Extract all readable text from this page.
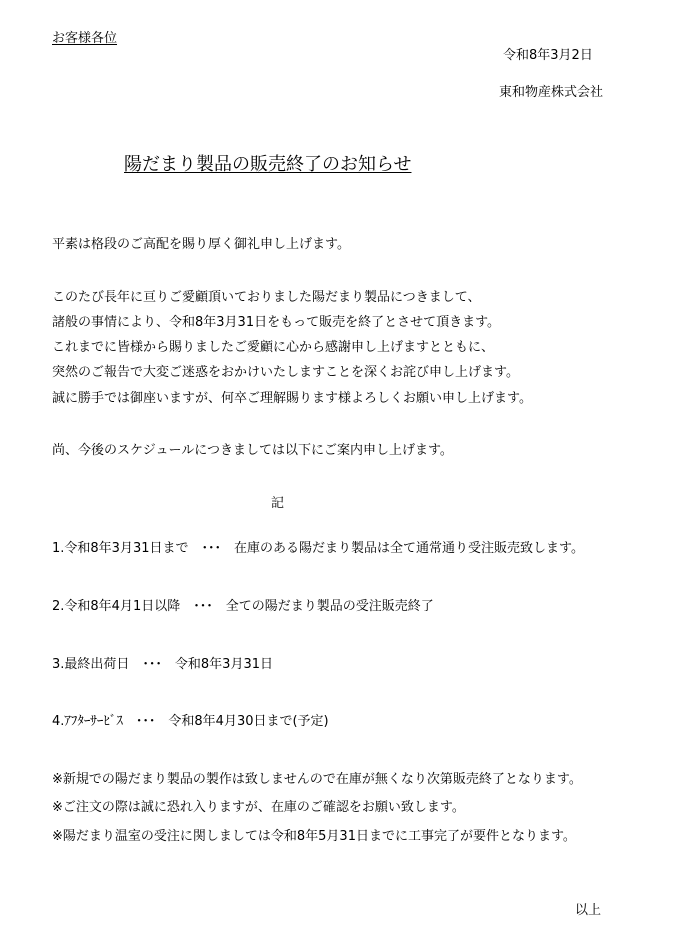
お客様各位

令和8年3月2日

東和物産株式会社

陽だまり製品の販売終了のお知らせ

平素は格段のご高配を賜り厚く御礼申し上げます。

このたび長年に亘りご愛顧頂いておりました陽だまり製品につきまして、

諸般の事情により、令和8年3月31日をもって販売を終了とさせて頂きます。

これまでに皆様から賜りましたご愛顧に心から感謝申し上げますとともに、

突然のご報告で大変ご迷惑をおかけいたしますことを深くお詫び申し上げます。

誠に勝手では御座いますが、何卒ご理解賜ります様よろしくお願い申し上げます。

尚、今後のスケジュールにつきましては以下にご案内申し上げます。

記

1.令和8年3月31日まで　･･･　在庫のある陽だまり製品は全て通常通り受注販売致します。

2.令和8年4月1日以降　･･･　全ての陽だまり製品の受注販売終了

3.最終出荷日　･･･　令和8年3月31日

4.ｱﾌﾀｰｻｰﾋﾞｽ　･･･　令和8年4月30日まで(予定)

※新規での陽だまり製品の製作は致しませんので在庫が無くなり次第販売終了となります。

※ご注文の際は誠に恐れ入りますが、在庫のご確認をお願い致します。

※陽だまり温室の受注に関しましては令和8年5月31日までに工事完了が要件となります。

以上
